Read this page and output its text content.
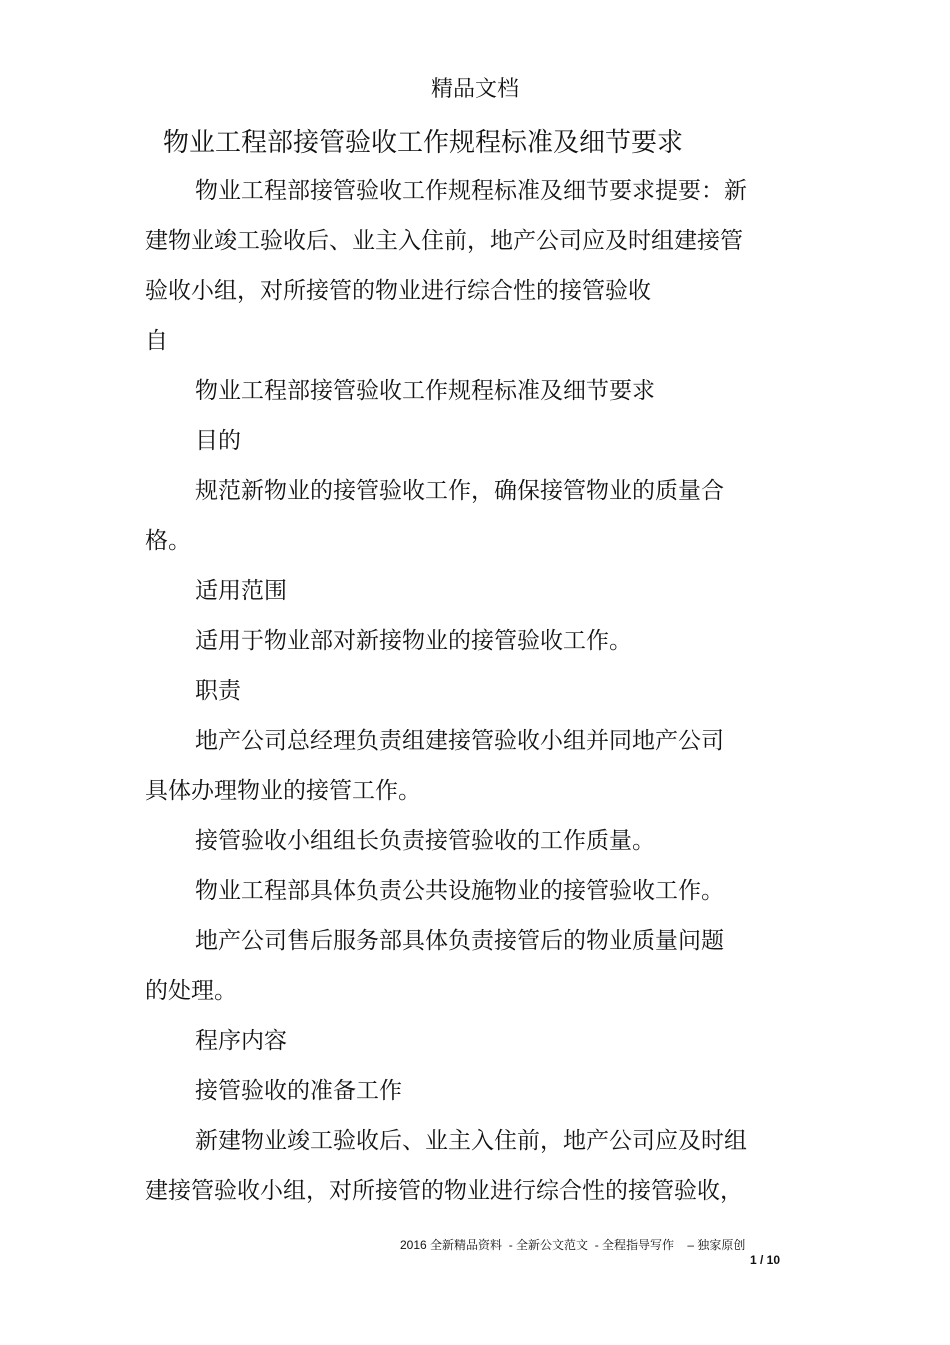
精品文档
物业工程部接管验收工作规程标准及细节要求
物业工程部接管验收工作规程标准及细节要求提要：新
建物业竣工验收后、业主入住前，地产公司应及时组建接管
验收小组，对所接管的物业进行综合性的接管验收
自
物业工程部接管验收工作规程标准及细节要求
目的
规范新物业的接管验收工作，确保接管物业的质量合
格。
适用范围
适用于物业部对新接物业的接管验收工作。
职责
地产公司总经理负责组建接管验收小组并同地产公司
具体办理物业的接管工作。
接管验收小组组长负责接管验收的工作质量。
物业工程部具体负责公共设施物业的接管验收工作。
地产公司售后服务部具体负责接管后的物业质量问题
的处理。
程序内容
接管验收的准备工作
新建物业竣工验收后、业主入住前，地产公司应及时组
建接管验收小组，对所接管的物业进行综合性的接管验收，
2016 全新精品资料  - 全新公文范文  - 全程指导写作    – 独家原创
1 / 10
